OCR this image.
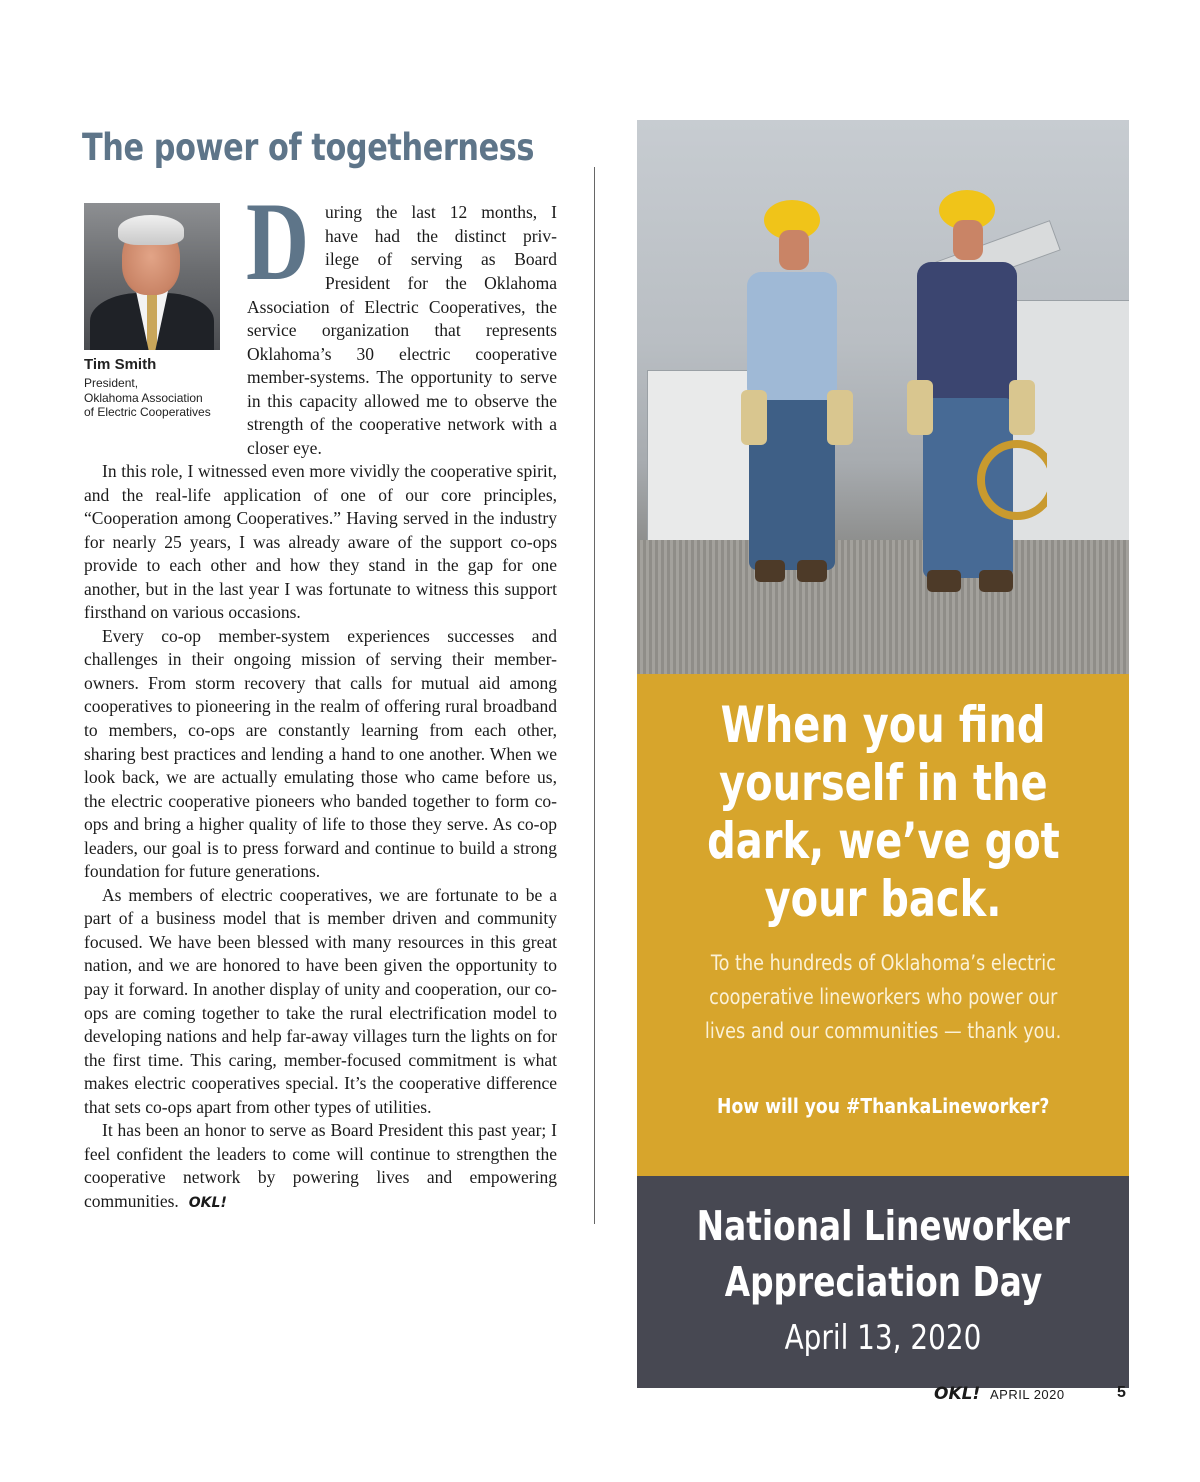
The power of togetherness
Tim Smith
President,
Oklahoma Association
of Electric Cooperatives
D uring the last 12 months, I
have had the distinct priv-
ilege of serving as Board

President for the Oklahoma Association of Electric Cooperatives, the service organization that represents Oklahoma’s 30 electric cooperative member-systems. The opportunity to serve in this capacity allowed me to observe the strength of the cooperative network with a closer eye.

In this role, I witnessed even more vividly the cooperative spirit, and the real-life application of one of our core principles, “Cooperation among Cooperatives.” Having served in the industry for nearly 25 years, I was already aware of the support co-ops provide to each other and how they stand in the gap for one another, but in the last year I was fortunate to witness this support firsthand on various occasions.

Every co-op member-system experiences successes and challenges in their ongoing mission of serving their member-owners. From storm recovery that calls for mutual aid among cooperatives to pioneering in the realm of offering rural broadband to members, co-ops are constantly learning from each other, sharing best practices and lending a hand to one another. When we look back, we are actually emulating those who came before us, the electric cooperative pioneers who banded together to form co-ops and bring a higher quality of life to those they serve. As co-op leaders, our goal is to press forward and continue to build a strong foundation for future generations.

As members of electric cooperatives, we are fortunate to be a part of a business model that is member driven and community focused. We have been blessed with many resources in this great nation, and we are honored to have been given the opportunity to pay it forward. In another display of unity and cooperation, our co-ops are coming together to take the rural electrification model to developing nations and help far-away villages turn the lights on for the first time. This caring, member-focused commitment is what makes electric cooperatives special. It’s the cooperative difference that sets co-ops apart from other types of utilities.

It has been an honor to serve as Board President this past year; I feel confident the leaders to come will continue to strengthen the cooperative network by powering lives and empowering communities. OKL!

When you find
yourself in the
dark, we’ve got
your back.
To the hundreds of Oklahoma’s electric
cooperative lineworkers who power our
lives and our communities — thank you.
How will you #ThankaLineworker?
National Lineworker
Appreciation Day
April 13, 2020
OKL! APRIL 2020	5
